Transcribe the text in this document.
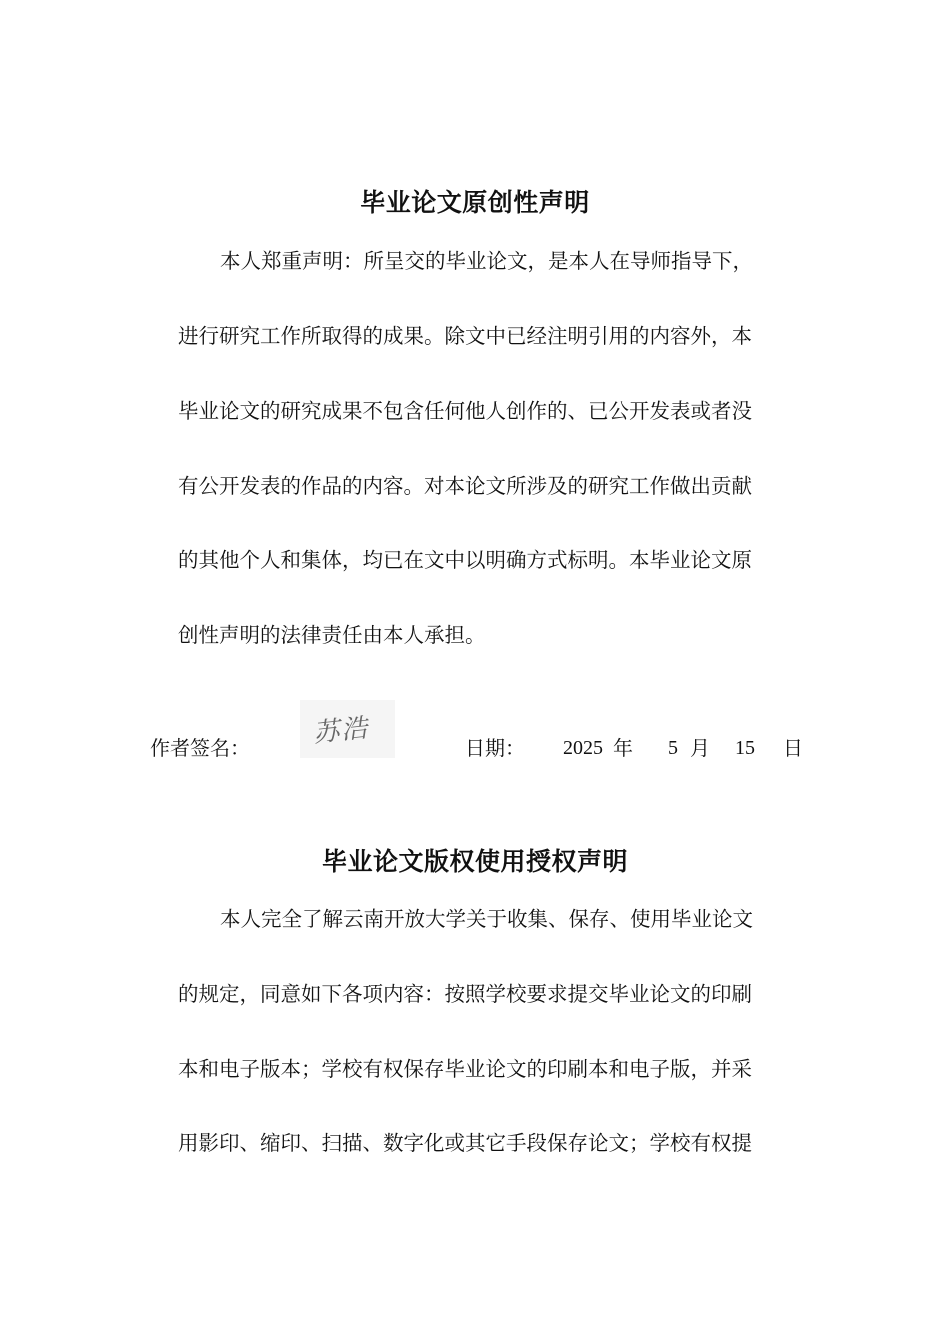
毕业论文原创性声明

本人郑重声明：所呈交的毕业论文，是本人在导师指导下，

进行研究工作所取得的成果。除文中已经注明引用的内容外，本

毕业论文的研究成果不包含任何他人创作的、已公开发表或者没

有公开发表的作品的内容。对本论文所涉及的研究工作做出贡献

的其他个人和集体，均已在文中以明确方式标明。本毕业论文原

创性声明的法律责任由本人承担。

作者签名： 苏浩	日期： 2025 年 5 月 15 日
毕业论文版权使用授权声明

本人完全了解云南开放大学关于收集、保存、使用毕业论文

的规定，同意如下各项内容：按照学校要求提交毕业论文的印刷

本和电子版本；学校有权保存毕业论文的印刷本和电子版，并采

用影印、缩印、扫描、数字化或其它手段保存论文；学校有权提
